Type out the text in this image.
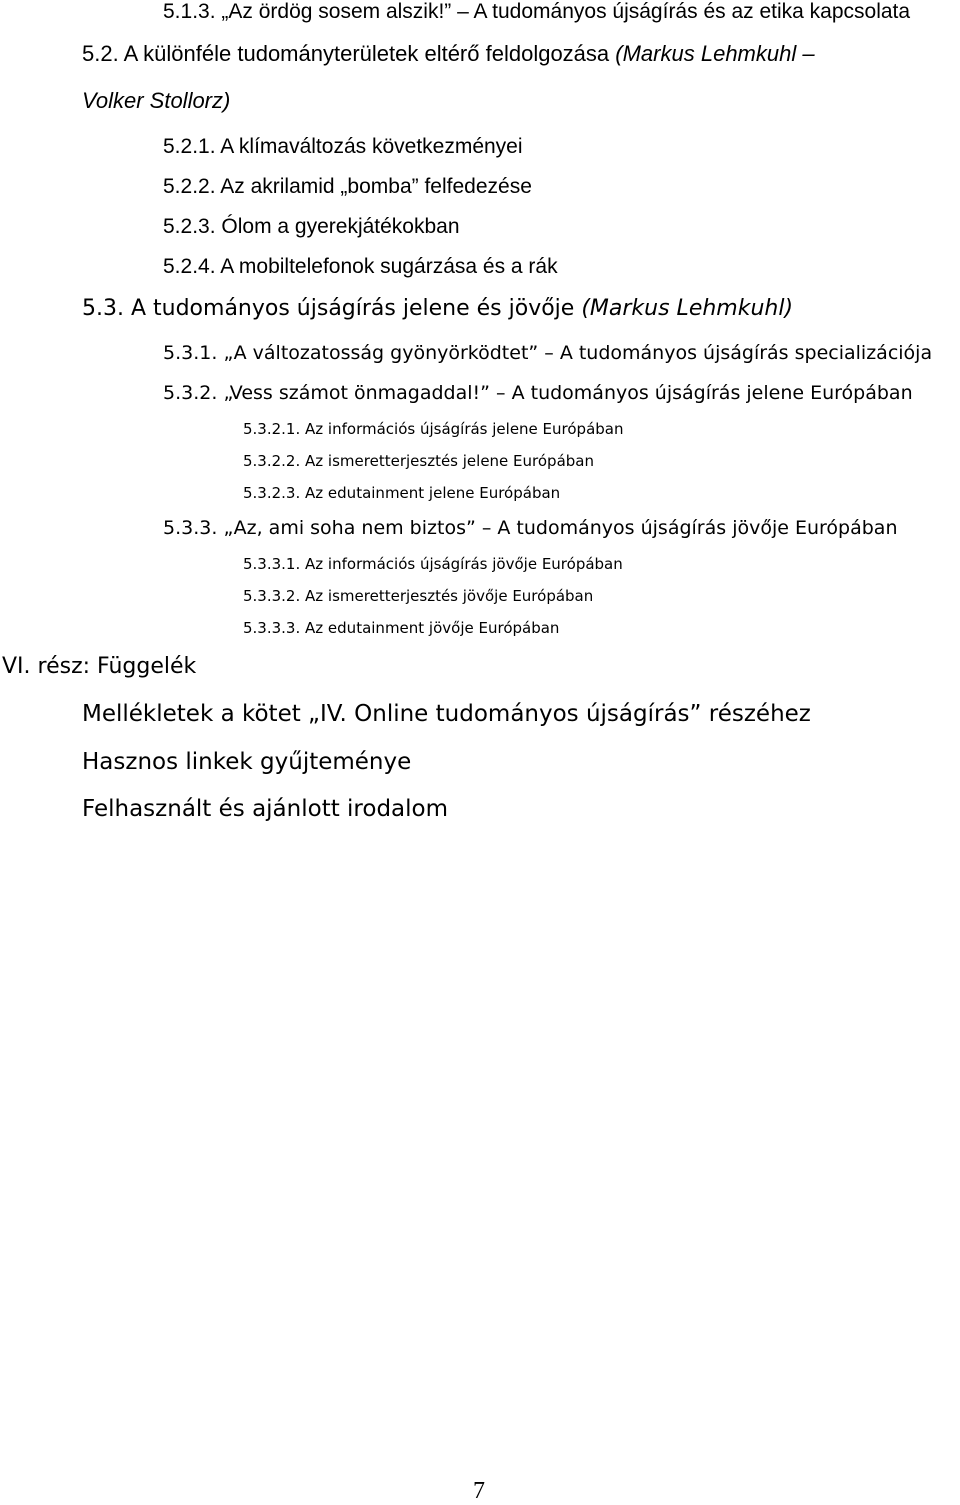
5.1.3. „Az ördög sosem alszik!” – A tudományos újságírás és az etika kapcsolata
5.2. A különféle tudományterületek eltérő feldolgozása (Markus Lehmkuhl –
Volker Stollorz)
5.2.1. A klímaváltozás következményei
5.2.2. Az akrilamid „bomba” felfedezése
5.2.3. Ólom a gyerekjátékokban
5.2.4. A mobiltelefonok sugárzása és a rák
5.3. A tudományos újságírás jelene és jövője (Markus Lehmkuhl)
5.3.1. „A változatosság gyönyörködtet” – A tudományos újságírás specializációja
5.3.2. „Vess számot önmagaddal!” – A tudományos újságírás jelene Európában
5.3.2.1. Az információs újságírás jelene Európában
5.3.2.2. Az ismeretterjesztés jelene Európában
5.3.2.3. Az edutainment jelene Európában
5.3.3. „Az, ami soha nem biztos” – A tudományos újságírás jövője Európában
5.3.3.1. Az információs újságírás jövője Európában
5.3.3.2. Az ismeretterjesztés jövője Európában
5.3.3.3. Az edutainment jövője Európában
VI. rész: Függelék
Mellékletek a kötet „IV. Online tudományos újságírás” részéhez
Hasznos linkek gyűjteménye
Felhasznált és ajánlott irodalom
7
